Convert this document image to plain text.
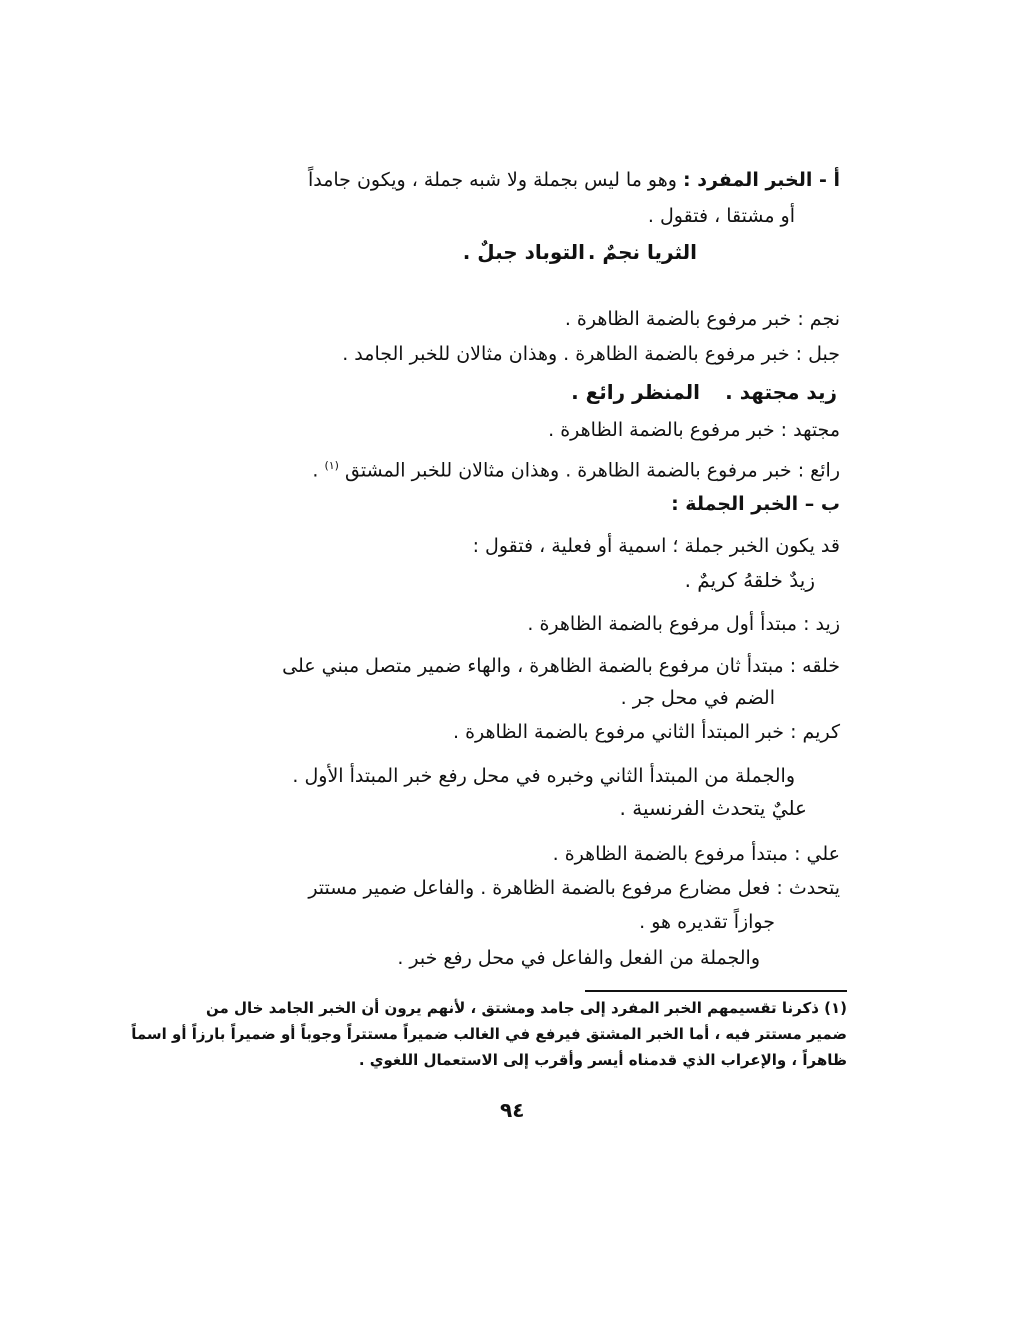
أ - الخبر المفرد : وهو ما ليس بجملة ولا شبه جملة ، ويكون جامداً
أو مشتقا ، فتقول .
الثريا نجمٌ .
التوباد جبلٌ .
نجم : خبر مرفوع بالضمة الظاهرة .
جبل : خبر مرفوع بالضمة الظاهرة . وهذان مثالان للخبر الجامد .
زيد مجتهد .
المنظر رائع .
مجتهد : خبر مرفوع بالضمة الظاهرة .
رائع : خبر مرفوع بالضمة الظاهرة . وهذان مثالان للخبر المشتق $^{(١)}$ .
ب – الخبر الجملة :
قد يكون الخبر جملة ؛ اسمية أو فعلية ، فتقول :
زيدٌ خلقهُ كريمٌ .
زيد : مبتدأ أول مرفوع بالضمة الظاهرة .
خلقه : مبتدأ ثان مرفوع بالضمة الظاهرة ، والهاء ضمير متصل مبني على
الضم في محل جر .
كريم : خبر المبتدأ الثاني مرفوع بالضمة الظاهرة .
والجملة من المبتدأ الثاني وخبره في محل رفع خبر المبتدأ الأول .
عليٌ يتحدث الفرنسية .
علي : مبتدأ مرفوع بالضمة الظاهرة .
يتحدث : فعل مضارع مرفوع بالضمة الظاهرة . والفاعل ضمير مستتر
جوازاً تقديره هو .
والجملة من الفعل والفاعل في محل رفع خبر .
(١) ذكرنا تقسيمهم الخبر المفرد إلى جامد ومشتق ، لأنهم يرون أن الخبر الجامد خال من
ضمير مستتر فيه ، أما الخبر المشتق فيرفع في الغالب ضميراً مستتراً وجوباً أو ضميراً بارزاً أو اسماً
ظاهراً ، والإعراب الذي قدمناه أيسر وأقرب إلى الاستعمال اللغوي .
٩٤
